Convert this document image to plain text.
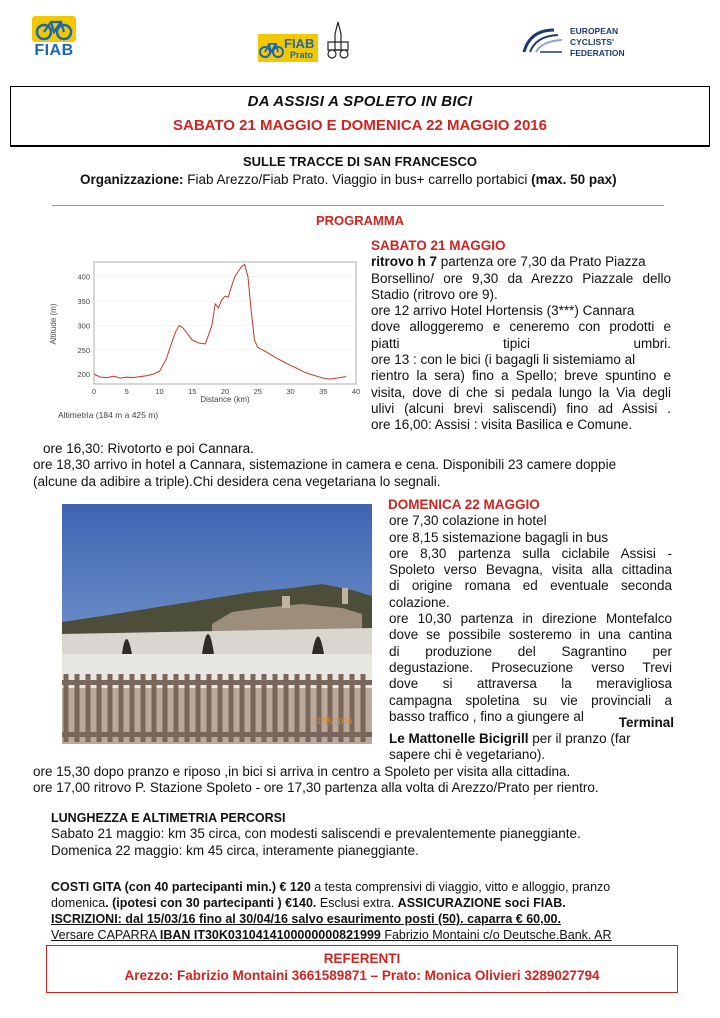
FIAB	FIAB
Prato
EUROPEAN
CYCLISTS'
FEDERATION
DA ASSISI A SPOLETO IN BICI
SABATO 21 MAGGIO E DOMENICA 22 MAGGIO 2016
SULLE TRACCE DI SAN FRANCESCO
Organizzazione: Fiab Arezzo/Fiab Prato. Viaggio in bus+ carrello portabici (max. 50 pax)
PROGRAMMA
400
350
300
250
200
0	5	10	15	20	25	30	35	40
Altitude (m)
Distance (km)
Altimetria (184 m a 425 m)
SABATO 21 MAGGIO
ritrovo h 7 partenza ore 7,30 da Prato Piazza
Borsellino/ ore 9,30 da Arezzo Piazzale dello
Stadio (ritrovo ore 9).
ore 12 arrivo Hotel Hortensis (3***) Cannara
dove alloggeremo e ceneremo con prodotti e
piatti tipici umbri.
ore 13 : con le bici (i bagagli li sistemiamo al
rientro la sera) fino a Spello; breve spuntino e
visita, dove di che si pedala lungo la Via degli
ulivi (alcuni brevi saliscendi) fino ad Assisi .
ore 16,00: Assisi : visita Basilica e Comune.
ore 16,30: Rivotorto e poi Cannara.
ore 18,30 arrivo in hotel a Cannara, sistemazione in camera e cena. Disponibili 23 camere doppie
(alcune da adibire a triple).Chi desidera cena vegetariana lo segnali.
22/05/2016
DOMENICA 22 MAGGIO
ore 7,30 colazione in hotel
ore 8,15 sistemazione bagagli in bus
ore 8,30 partenza sulla ciclabile Assisi -
Spoleto verso Bevagna, visita alla cittadina
di origine romana ed eventuale seconda
colazione.
ore 10,30 partenza in direzione Montefalco
dove se possibile sosteremo in una cantina
di produzione del Sagrantino per
degustazione. Prosecuzione verso Trevi
dove si attraversa la meravigliosa
campagna spoletina su vie provinciali a
basso traffico , fino a giungere al	Terminal
Le Mattonelle Bicigrill per il pranzo (far
sapere chi è vegetariano).
ore 15,30 dopo pranzo e riposo ,in bici si arriva in centro a Spoleto per visita alla cittadina.
ore 17,00 ritrovo P. Stazione Spoleto - ore 17,30 partenza alla volta di Arezzo/Prato per rientro.
LUNGHEZZA E ALTIMETRIA PERCORSI
Sabato 21 maggio: km 35 circa, con modesti saliscendi e prevalentemente pianeggiante.
Domenica 22 maggio: km 45 circa, interamente pianeggiante.
COSTI GITA (con 40 partecipanti min.) € 120 a testa comprensivi di viaggio, vitto e alloggio, pranzo
domenica. (ipotesi con 30 partecipanti ) €140. Esclusi extra. ASSICURAZIONE soci FIAB.
ISCRIZIONI: dal 15/03/16 fino al 30/04/16 salvo esaurimento posti (50). caparra € 60,00.
Versare CAPARRA IBAN IT30K0310414100000000821999 Fabrizio Montaini c/o Deutsche.Bank. AR
REFERENTI
Arezzo: Fabrizio Montaini 3661589871 – Prato: Monica Olivieri 3289027794
